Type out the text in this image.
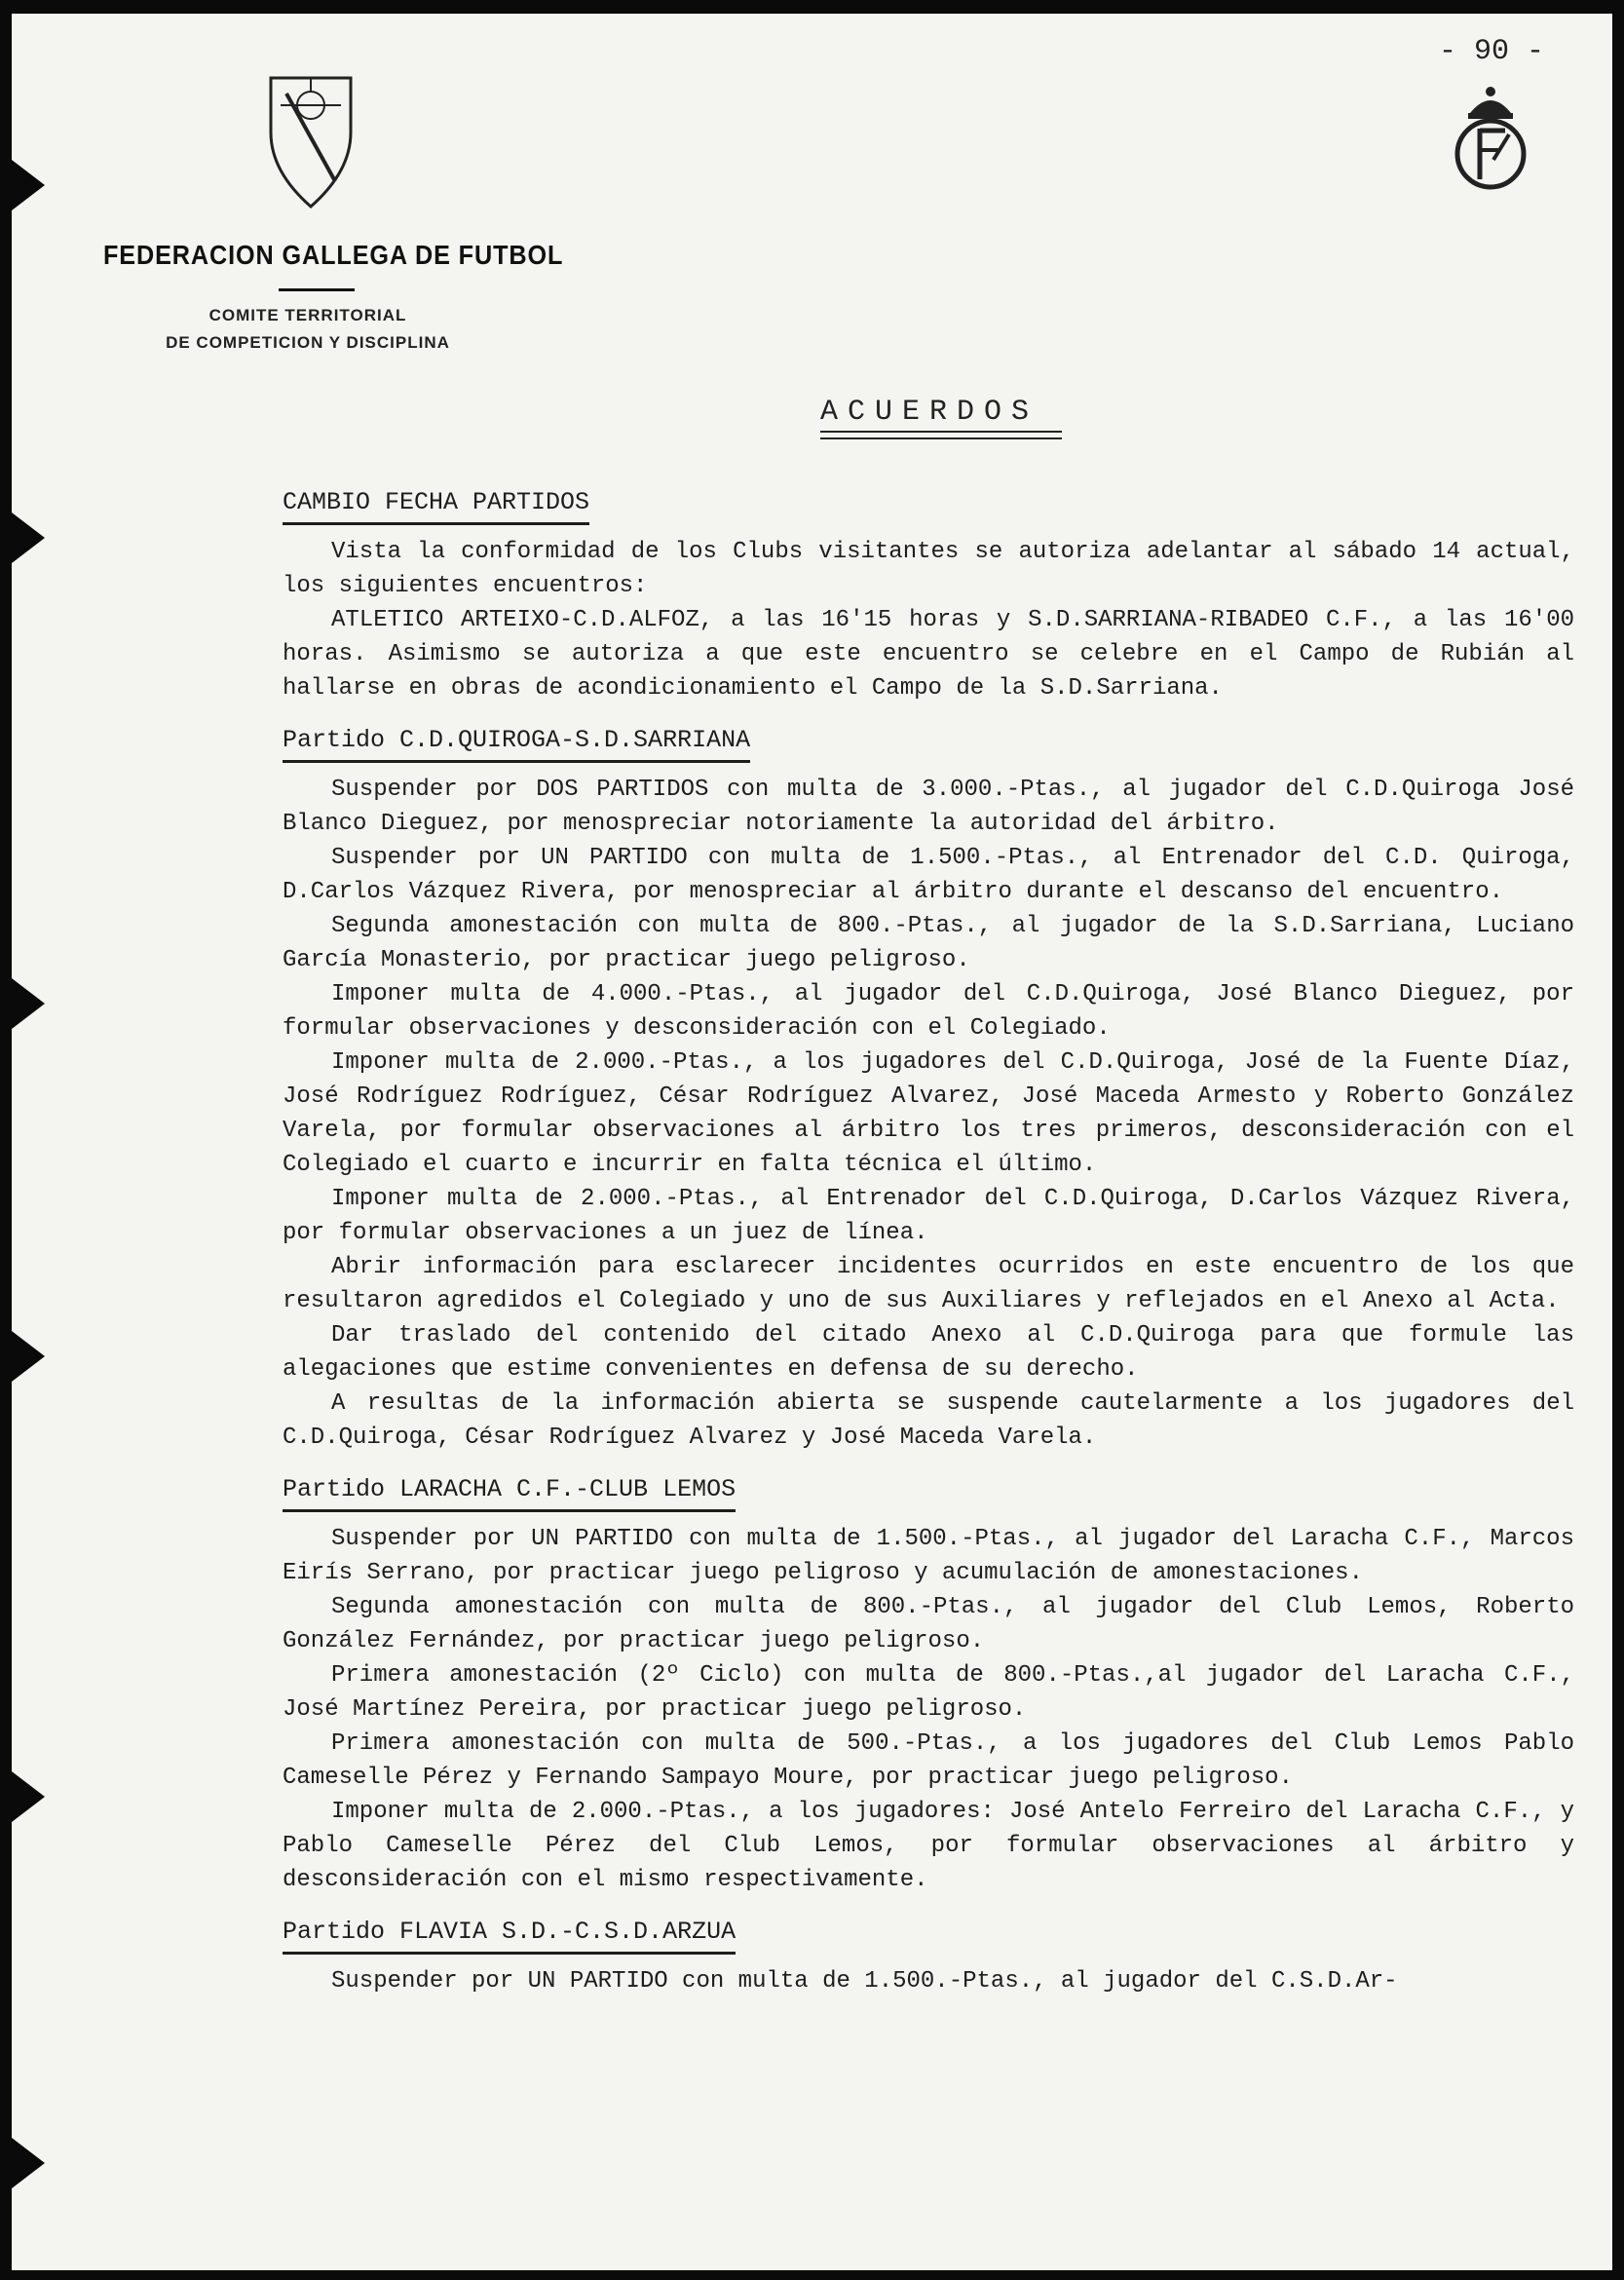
- 90 -
FEDERACION GALLEGA DE FUTBOL
COMITE TERRITORIAL
DE COMPETICION Y DISCIPLINA
ACUERDOS
CAMBIO FECHA PARTIDOS

Vista la conformidad de los Clubs visitantes se autoriza adelantar al sábado 14 actual, los siguientes encuentros:

ATLETICO ARTEIXO-C.D.ALFOZ, a las 16'15 horas y S.D.SARRIANA-RIBADEO C.F., a las 16'00 horas. Asimismo se autoriza a que este encuentro se celebre en el Campo de Rubián al hallarse en obras de acondicionamiento el Campo de la S.D.Sarriana.

Partido C.D.QUIROGA-S.D.SARRIANA

Suspender por DOS PARTIDOS con multa de 3.000.-Ptas., al jugador del C.D.Quiroga José Blanco Dieguez, por menospreciar notoriamente la autoridad del árbitro.

Suspender por UN PARTIDO con multa de 1.500.-Ptas., al Entrenador del C.D. Quiroga, D.Carlos Vázquez Rivera, por menospreciar al árbitro durante el descanso del encuentro.

Segunda amonestación con multa de 800.-Ptas., al jugador de la S.D.Sarriana, Luciano García Monasterio, por practicar juego peligroso.

Imponer multa de 4.000.-Ptas., al jugador del C.D.Quiroga, José Blanco Dieguez, por formular observaciones y desconsideración con el Colegiado.

Imponer multa de 2.000.-Ptas., a los jugadores del C.D.Quiroga, José de la Fuente Díaz, José Rodríguez Rodríguez, César Rodríguez Alvarez, José Maceda Armesto y Roberto González Varela, por formular observaciones al árbitro los tres primeros, desconsideración con el Colegiado el cuarto e incurrir en falta técnica el último.

Imponer multa de 2.000.-Ptas., al Entrenador del C.D.Quiroga, D.Carlos Vázquez Rivera, por formular observaciones a un juez de línea.

Abrir información para esclarecer incidentes ocurridos en este encuentro de los que resultaron agredidos el Colegiado y uno de sus Auxiliares y reflejados en el Anexo al Acta.

Dar traslado del contenido del citado Anexo al C.D.Quiroga para que formule las alegaciones que estime convenientes en defensa de su derecho.

A resultas de la información abierta se suspende cautelarmente a los jugadores del C.D.Quiroga, César Rodríguez Alvarez y José Maceda Varela.

Partido LARACHA C.F.-CLUB LEMOS

Suspender por UN PARTIDO con multa de 1.500.-Ptas., al jugador del Laracha C.F., Marcos Eirís Serrano, por practicar juego peligroso y acumulación de amonestaciones.

Segunda amonestación con multa de 800.-Ptas., al jugador del Club Lemos, Roberto González Fernández, por practicar juego peligroso.

Primera amonestación (2º Ciclo) con multa de 800.-Ptas.,al jugador del Laracha C.F., José Martínez Pereira, por practicar juego peligroso.

Primera amonestación con multa de 500.-Ptas., a los jugadores del Club Lemos Pablo Cameselle Pérez y Fernando Sampayo Moure, por practicar juego peligroso.

Imponer multa de 2.000.-Ptas., a los jugadores: José Antelo Ferreiro del Laracha C.F., y Pablo Cameselle Pérez del Club Lemos, por formular observaciones al árbitro y desconsideración con el mismo respectivamente.

Partido FLAVIA S.D.-C.S.D.ARZUA

Suspender por UN PARTIDO con multa de 1.500.-Ptas., al jugador del C.S.D.Ar-
